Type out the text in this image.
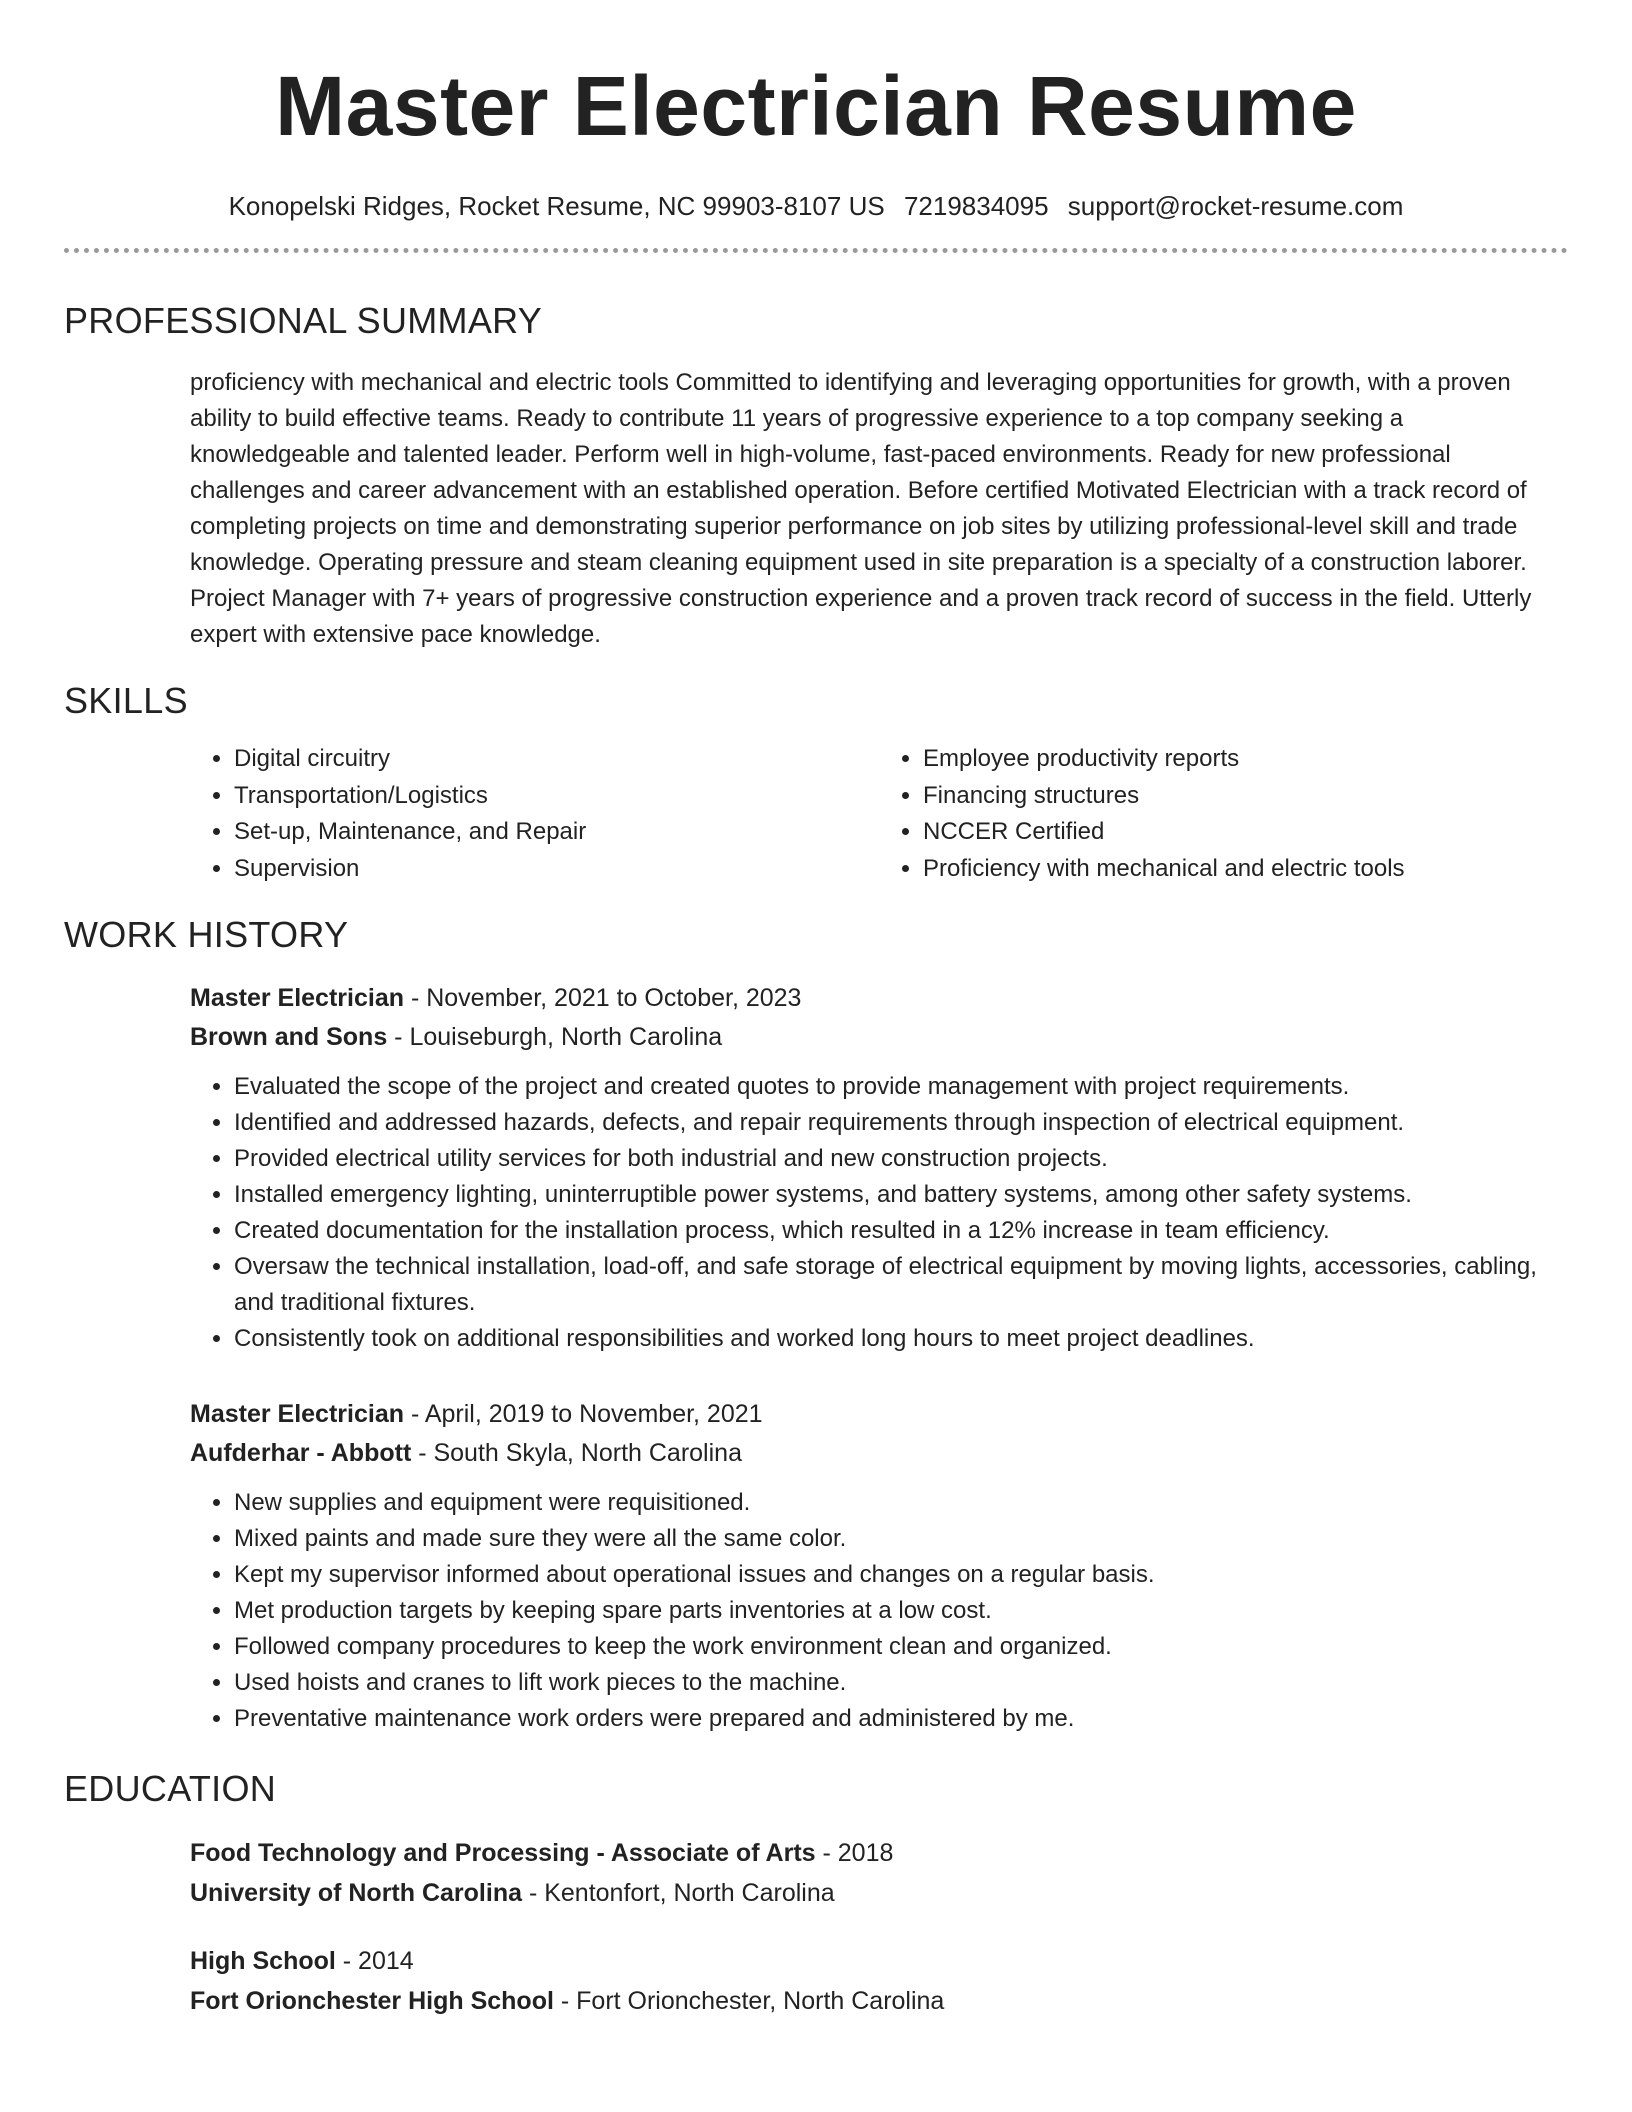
Master Electrician Resume
Konopelski Ridges, Rocket Resume, NC 99903-8107 US 7219834095 support@rocket-resume.com
PROFESSIONAL SUMMARY
proficiency with mechanical and electric tools Committed to identifying and leveraging opportunities for growth, with a proven ability to build effective teams. Ready to contribute 11 years of progressive experience to a top company seeking a knowledgeable and talented leader. Perform well in high-volume, fast-paced environments. Ready for new professional challenges and career advancement with an established operation. Before certified Motivated Electrician with a track record of completing projects on time and demonstrating superior performance on job sites by utilizing professional-level skill and trade knowledge. Operating pressure and steam cleaning equipment used in site preparation is a specialty of a construction laborer. Project Manager with 7+ years of progressive construction experience and a proven track record of success in the field. Utterly expert with extensive pace knowledge.
SKILLS
• Digital circuitry
• Transportation/Logistics
• Set-up, Maintenance, and Repair
• Supervision
• Employee productivity reports
• Financing structures
• NCCER Certified
• Proficiency with mechanical and electric tools
WORK HISTORY
Master Electrician - November, 2021 to October, 2023
Brown and Sons - Louiseburgh, North Carolina
• Evaluated the scope of the project and created quotes to provide management with project requirements.
• Identified and addressed hazards, defects, and repair requirements through inspection of electrical equipment.
• Provided electrical utility services for both industrial and new construction projects.
• Installed emergency lighting, uninterruptible power systems, and battery systems, among other safety systems.
• Created documentation for the installation process, which resulted in a 12% increase in team efficiency.
• Oversaw the technical installation, load-off, and safe storage of electrical equipment by moving lights, accessories, cabling, and traditional fixtures.
• Consistently took on additional responsibilities and worked long hours to meet project deadlines.
Master Electrician - April, 2019 to November, 2021
Aufderhar - Abbott - South Skyla, North Carolina
• New supplies and equipment were requisitioned.
• Mixed paints and made sure they were all the same color.
• Kept my supervisor informed about operational issues and changes on a regular basis.
• Met production targets by keeping spare parts inventories at a low cost.
• Followed company procedures to keep the work environment clean and organized.
• Used hoists and cranes to lift work pieces to the machine.
• Preventative maintenance work orders were prepared and administered by me.
EDUCATION
Food Technology and Processing - Associate of Arts - 2018
University of North Carolina - Kentonfort, North Carolina
High School - 2014
Fort Orionchester High School - Fort Orionchester, North Carolina
